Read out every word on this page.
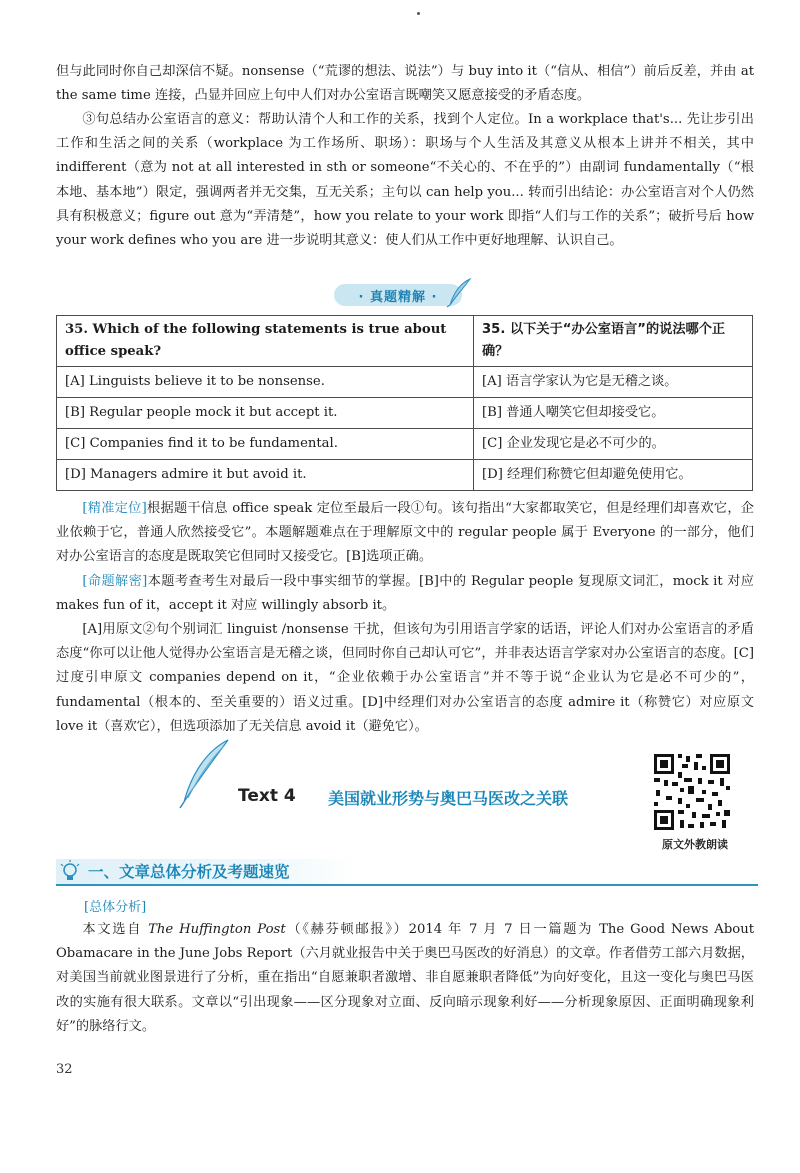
但与此同时你自己却深信不疑。nonsense（“荒谬的想法、说法”）与 buy into it（“信从、相信”）前后反差，并由 at the same time 连接，凸显并回应上句中人们对办公室语言既嘲笑又愿意接受的矛盾态度。

③句总结办公室语言的意义：帮助认清个人和工作的关系，找到个人定位。In a workplace that's... 先让步引出工作和生活之间的关系（workplace 为工作场所、职场）：职场与个人生活及其意义从根本上讲并不相关，其中 indifferent（意为 not at all interested in sth or someone“不关心的、不在乎的”）由副词 fundamentally（“根本地、基本地”）限定，强调两者并无交集，互无关系；主句以 can help you... 转而引出结论：办公室语言对个人仍然具有积极意义；figure out 意为“弄清楚”，how you relate to your work 即指“人们与工作的关系”；破折号后 how your work defines who you are 进一步说明其意义：使人们从工作中更好地理解、认识自己。

· 真题精解 ·
35. Which of the following statements is true about office speak?	35. 以下关于“办公室语言”的说法哪个正确？
[A] Linguists believe it to be nonsense.	[A] 语言学家认为它是无稽之谈。
[B] Regular people mock it but accept it.	[B] 普通人嘲笑它但却接受它。
[C] Companies find it to be fundamental.	[C] 企业发现它是必不可少的。
[D] Managers admire it but avoid it.	[D] 经理们称赞它但却避免使用它。

[精准定位]根据题干信息 office speak 定位至最后一段①句。该句指出“大家都取笑它，但是经理们却喜欢它，企业依赖于它，普通人欣然接受它”。本题解题难点在于理解原文中的 regular people 属于 Everyone 的一部分，他们对办公室语言的态度是既取笑它但同时又接受它。[B]选项正确。

[命题解密]本题考查考生对最后一段中事实细节的掌握。[B]中的 Regular people 复现原文词汇，mock it 对应 makes fun of it，accept it 对应 willingly absorb it。

[A]用原文②句个别词汇 linguist /nonsense 干扰，但该句为引用语言学家的话语，评论人们对办公室语言的矛盾态度“你可以让他人觉得办公室语言是无稽之谈，但同时你自己却认可它”，并非表达语言学家对办公室语言的态度。[C]过度引申原文 companies depend on it，“企业依赖于办公室语言”并不等于说“企业认为它是必不可少的”，fundamental（根本的、至关重要的）语义过重。[D]中经理们对办公室语言的态度 admire it（称赞它）对应原文 love it（喜欢它），但选项添加了无关信息 avoid it（避免它）。

Text 4 美国就业形势与奥巴马医改之关联
原文外教朗读
一、文章总体分析及考题速览
[总体分析]

本文选自 The Huffington Post（《赫芬顿邮报》）2014 年 7 月 7 日一篇题为 The Good News About Obamacare in the June Jobs Report（六月就业报告中关于奥巴马医改的好消息）的文章。作者借劳工部六月数据，对美国当前就业图景进行了分析，重在指出“自愿兼职者激增、非自愿兼职者降低”为向好变化，且这一变化与奥巴马医改的实施有很大联系。文章以“引出现象——区分现象对立面、反向暗示现象利好——分析现象原因、正面明确现象利好”的脉络行文。

32
